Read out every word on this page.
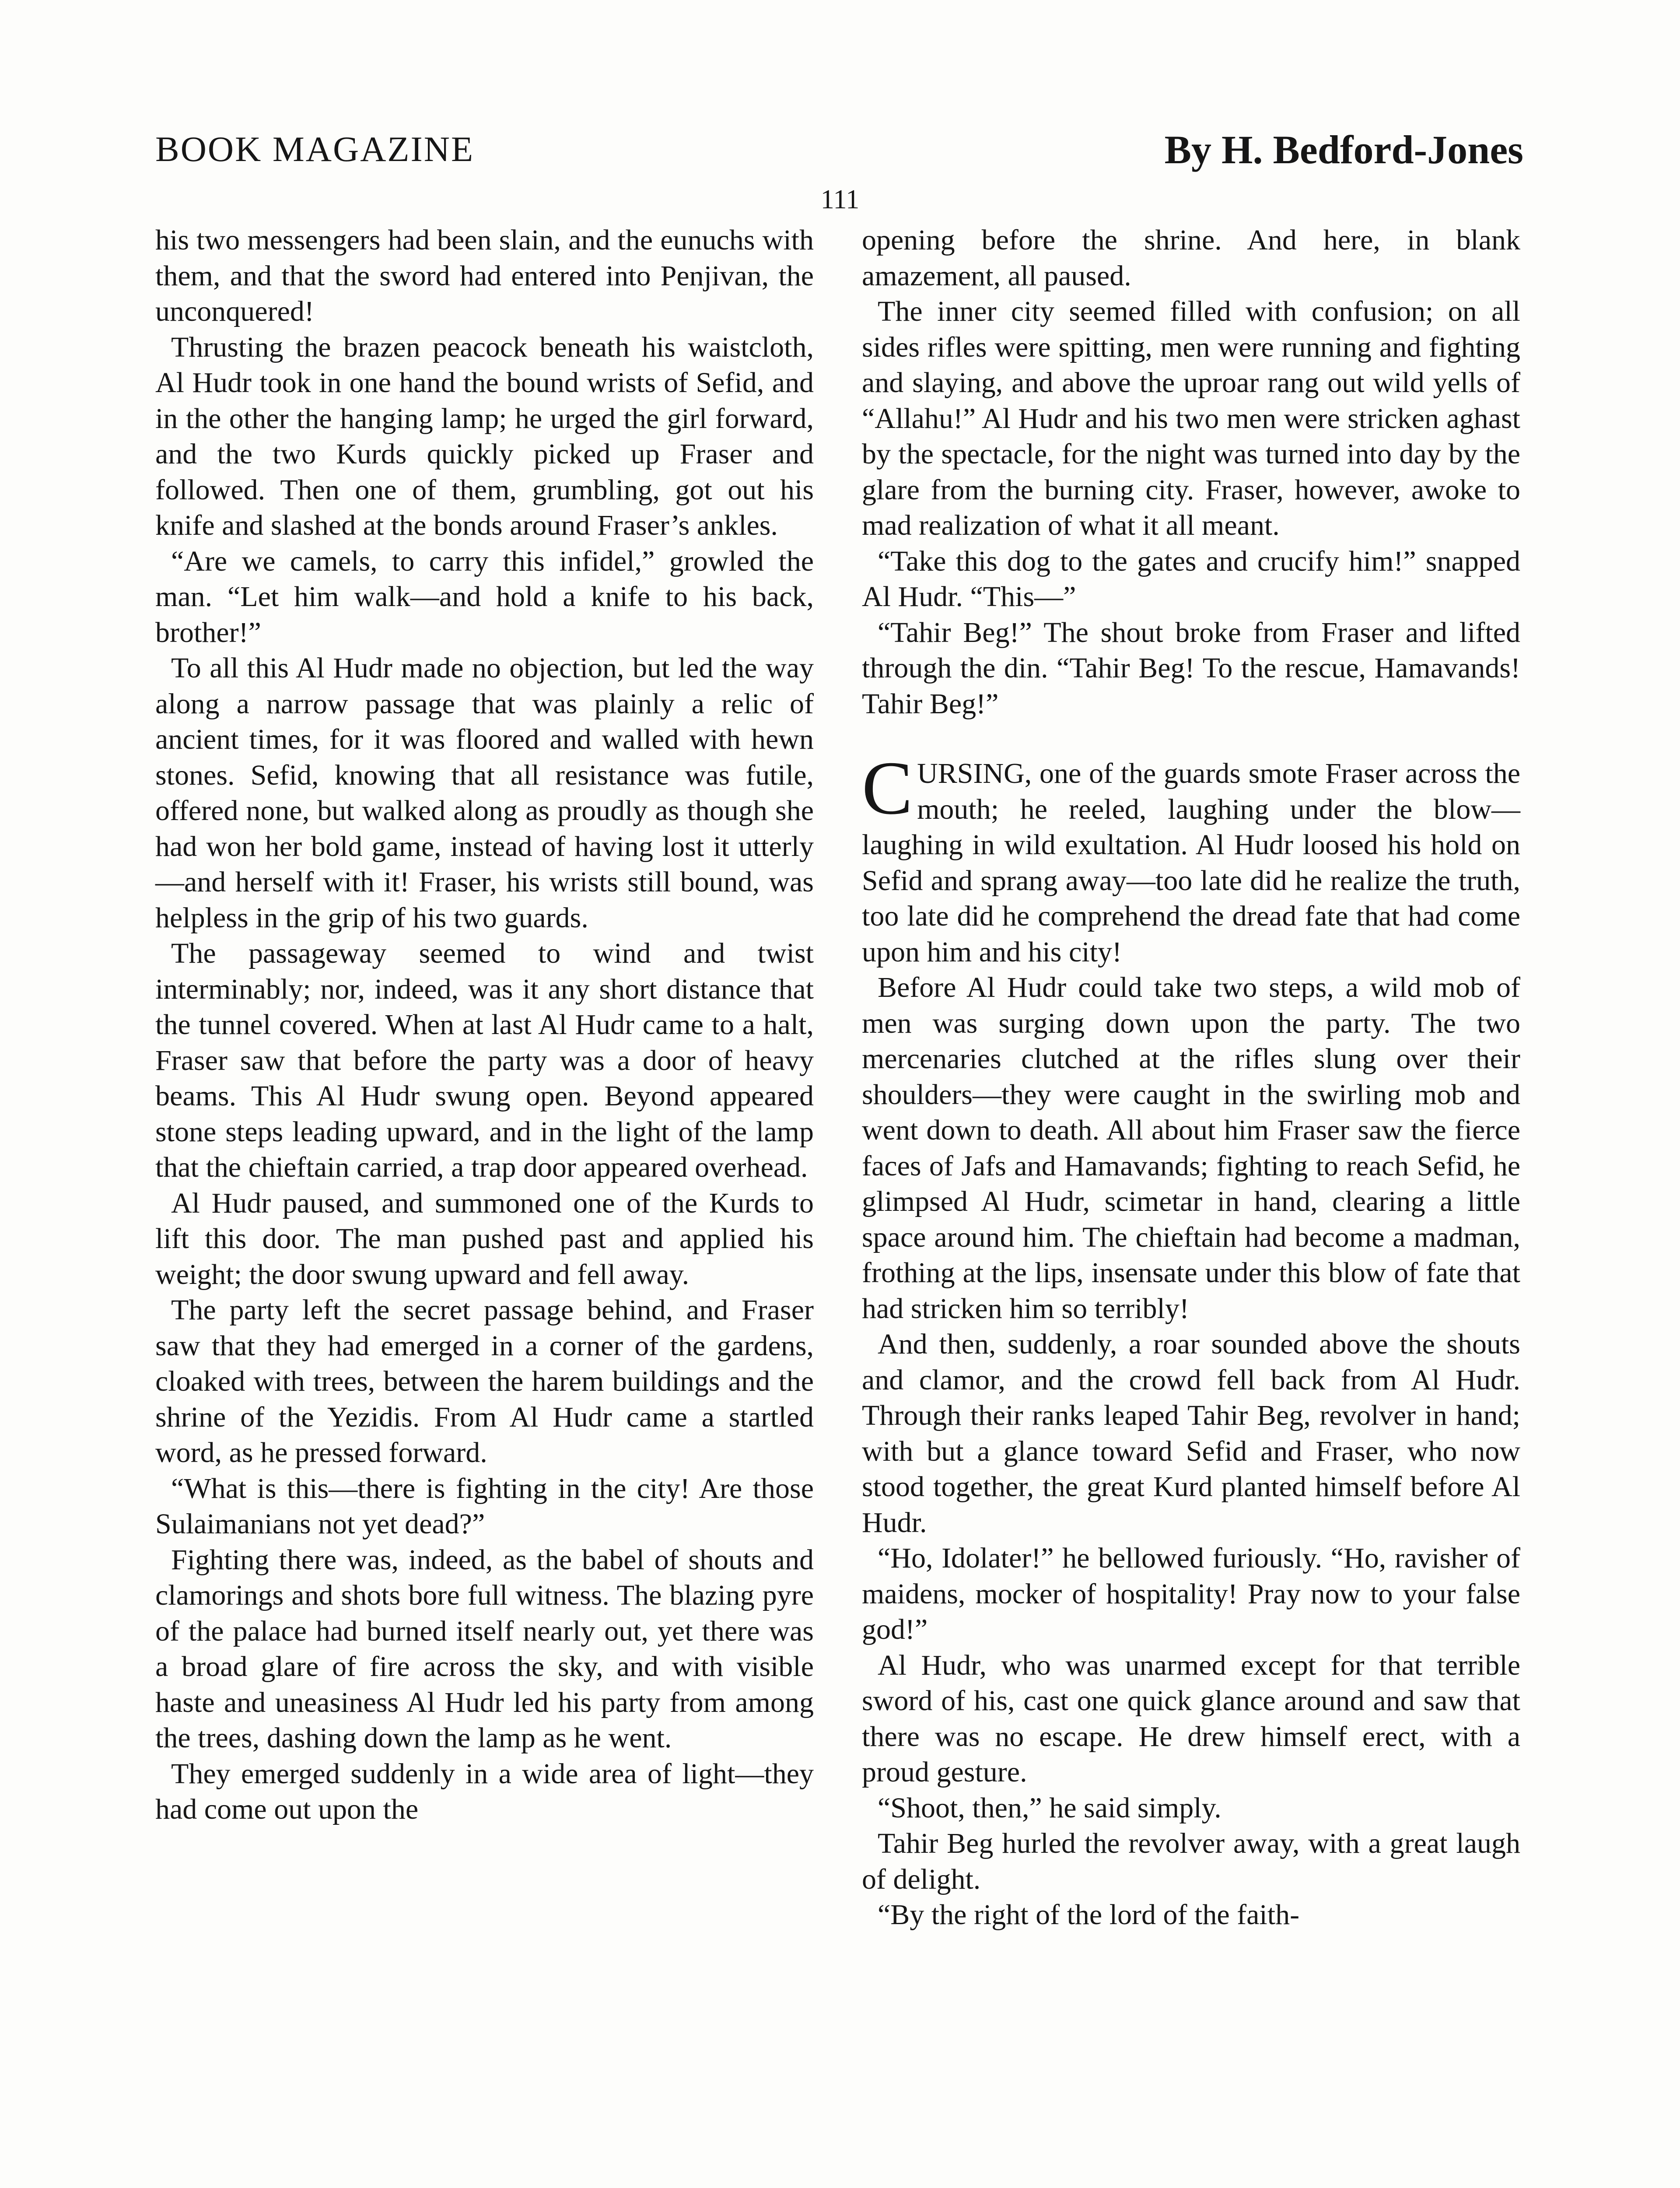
BOOK MAGAZINE	By H. Bedford-Jones
111

his two messengers had been slain, and the eunuchs with them, and that the sword had entered into Penjivan, the unconquered!

Thrusting the brazen peacock beneath his waistcloth, Al Hudr took in one hand the bound wrists of Sefid, and in the other the hanging lamp; he urged the girl forward, and the two Kurds quickly picked up Fraser and followed. Then one of them, grumbling, got out his knife and slashed at the bonds around Fraser’s ankles.

“Are we camels, to carry this infidel,” growled the man. “Let him walk—and hold a knife to his back, brother!”

To all this Al Hudr made no objection, but led the way along a narrow passage that was plainly a relic of ancient times, for it was floored and walled with hewn stones. Sefid, knowing that all resistance was futile, offered none, but walked along as proudly as though she had won her bold game, instead of having lost it utterly—and herself with it! Fraser, his wrists still bound, was helpless in the grip of his two guards.

The passageway seemed to wind and twist interminably; nor, indeed, was it any short distance that the tunnel covered. When at last Al Hudr came to a halt, Fraser saw that before the party was a door of heavy beams. This Al Hudr swung open. Beyond appeared stone steps leading upward, and in the light of the lamp that the chieftain carried, a trap door appeared overhead.

Al Hudr paused, and summoned one of the Kurds to lift this door. The man pushed past and applied his weight; the door swung upward and fell away.

The party left the secret passage behind, and Fraser saw that they had emerged in a corner of the gardens, cloaked with trees, between the harem buildings and the shrine of the Yezidis. From Al Hudr came a startled word, as he pressed forward.

“What is this—there is fighting in the city! Are those Sulaimanians not yet dead?”

Fighting there was, indeed, as the babel of shouts and clamorings and shots bore full witness. The blazing pyre of the palace had burned itself nearly out, yet there was a broad glare of fire across the sky, and with visible haste and uneasiness Al Hudr led his party from among the trees, dashing down the lamp as he went.

They emerged suddenly in a wide area of light—they had come out upon the

opening before the shrine. And here, in blank amazement, all paused.

The inner city seemed filled with confusion; on all sides rifles were spitting, men were running and fighting and slaying, and above the uproar rang out wild yells of “Allahu!” Al Hudr and his two men were stricken aghast by the spectacle, for the night was turned into day by the glare from the burning city. Fraser, however, awoke to mad realization of what it all meant.

“Take this dog to the gates and crucify him!” snapped Al Hudr. “This—”

“Tahir Beg!” The shout broke from Fraser and lifted through the din. “Tahir Beg! To the rescue, Hamavands! Tahir Beg!”

CURSING, one of the guards smote Fraser across the mouth; he reeled, laughing under the blow—laughing in wild exultation. Al Hudr loosed his hold on Sefid and sprang away—too late did he realize the truth, too late did he comprehend the dread fate that had come upon him and his city!

Before Al Hudr could take two steps, a wild mob of men was surging down upon the party. The two mercenaries clutched at the rifles slung over their shoulders—they were caught in the swirling mob and went down to death. All about him Fraser saw the fierce faces of Jafs and Hamavands; fighting to reach Sefid, he glimpsed Al Hudr, scimetar in hand, clearing a little space around him. The chieftain had become a madman, frothing at the lips, insensate under this blow of fate that had stricken him so terribly!

And then, suddenly, a roar sounded above the shouts and clamor, and the crowd fell back from Al Hudr. Through their ranks leaped Tahir Beg, revolver in hand; with but a glance toward Sefid and Fraser, who now stood together, the great Kurd planted himself before Al Hudr.

“Ho, Idolater!” he bellowed furiously. “Ho, ravisher of maidens, mocker of hospitality! Pray now to your false god!”

Al Hudr, who was unarmed except for that terrible sword of his, cast one quick glance around and saw that there was no escape. He drew himself erect, with a proud gesture.

“Shoot, then,” he said simply.

Tahir Beg hurled the revolver away, with a great laugh of delight.

“By the right of the lord of the faith-
